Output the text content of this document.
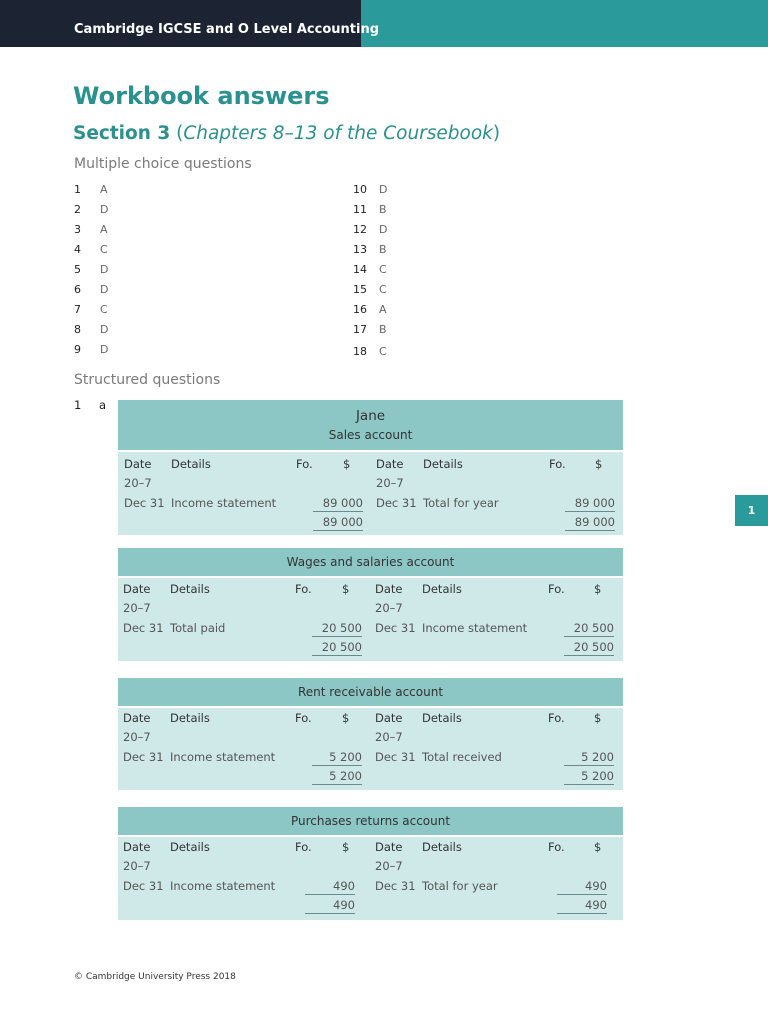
Cambridge IGCSE and O Level Accounting
Workbook answers
Section 3 (Chapters 8–13 of the Coursebook)
Multiple choice questions
1 A
2 D
3 A
4 C
5 D
6 D
7 C
8 D
9 D
10 D
11 B
12 D
13 B
14 C
15 C
16 A
17 B
18 C
Structured questions
1 a
Jane
Sales account
Date Details	Fo.	$ Date Details	Fo.	$
20–7	20–7
Dec 31 Income statement	89 000 Dec 31 Total for year	89 000
89 000	89 000
Wages and salaries account
Date Details	Fo.	$ Date Details	Fo.	$
20–7	20–7
Dec 31 Total paid	20 500 Dec 31 Income statement	20 500
20 500	20 500
Rent receivable account
Date Details	Fo.	$ Date Details	Fo.	$
20–7	20–7
Dec 31 Income statement	5 200 Dec 31 Total received	5 200
5 200	5 200
Purchases returns account
Date Details	Fo.	$ Date Details	Fo.	$
20–7	20–7
Dec 31 Income statement	490 Dec 31 Total for year	490
490	490
1
© Cambridge University Press 2018
